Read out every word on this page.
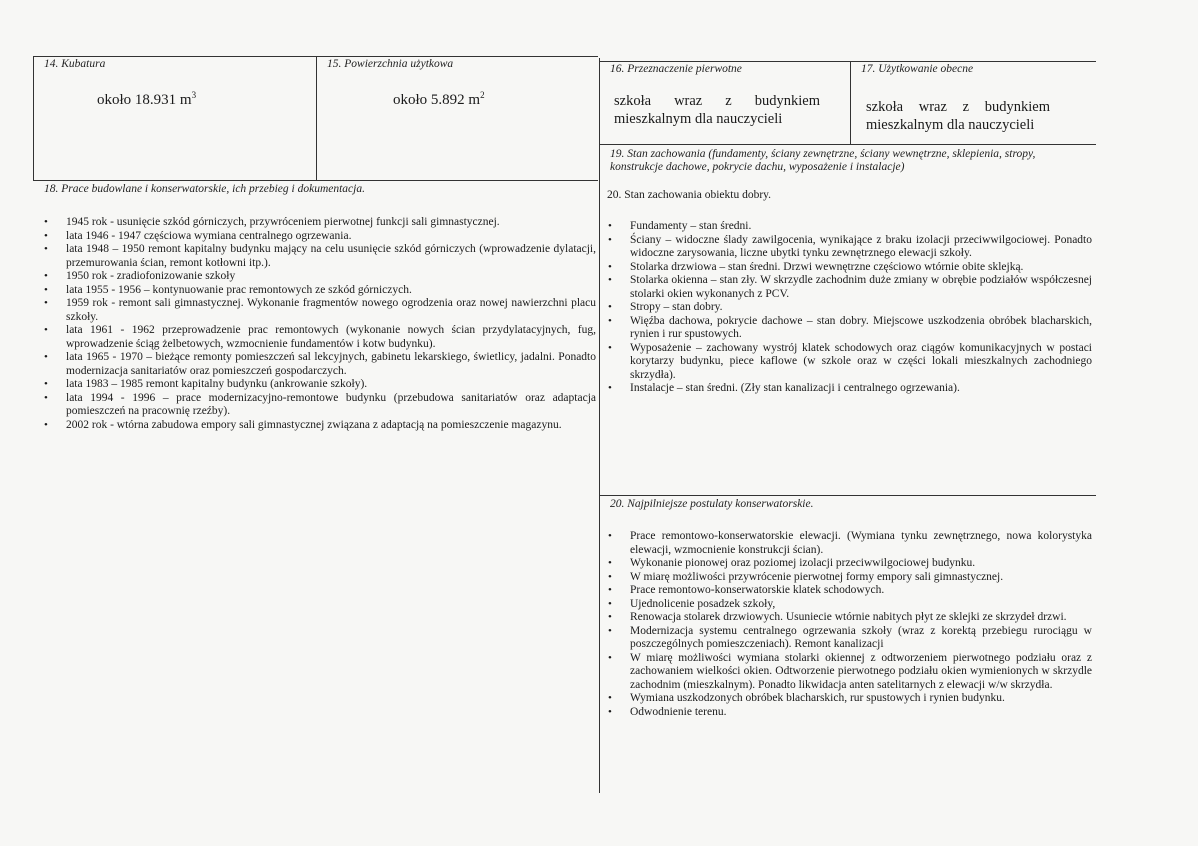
14. Kubatura
około 18.931 $m^3$
15. Powierzchnia użytkowa
około 5.892 $m^2$
16. Przeznaczenie pierwotne
szkoła wraz z budynkiem mieszkalnym dla nauczycieli
17. Użytkowanie obecne
szkoła wraz z budynkiem mieszkalnym dla nauczycieli
18. Prace budowlane i konserwatorskie, ich przebieg i dokumentacja.
• 1945 rok - usunięcie szkód górniczych, przywróceniem pierwotnej funkcji sali gimnastycznej.
• lata 1946 - 1947 częściowa wymiana centralnego ogrzewania.
• lata 1948 – 1950 remont kapitalny budynku mający na celu usunięcie szkód górniczych (wprowadzenie dylatacji, przemurowania ścian, remont kotłowni itp.).
• 1950 rok - zradiofonizowanie szkoły
• lata 1955 - 1956 – kontynuowanie prac remontowych ze szkód górniczych.
• 1959 rok - remont sali gimnastycznej. Wykonanie fragmentów nowego ogrodzenia oraz nowej nawierzchni placu szkoły.
• lata 1961 - 1962 przeprowadzenie prac remontowych (wykonanie nowych ścian przydylatacyjnych, fug, wprowadzenie ściąg żelbetowych, wzmocnienie fundamentów i kotw budynku).
• lata 1965 - 1970 – bieżące remonty pomieszczeń sal lekcyjnych, gabinetu lekarskiego, świetlicy, jadalni. Ponadto modernizacja sanitariatów oraz pomieszczeń gospodarczych.
• lata 1983 – 1985 remont kapitalny budynku (ankrowanie szkoły).
• lata 1994 - 1996 – prace modernizacyjno-remontowe budynku (przebudowa sanitariatów oraz adaptacja pomieszczeń na pracownię rzeźby).
• 2002 rok - wtórna zabudowa empory sali gimnastycznej związana z adaptacją na pomieszczenie magazynu.
19. Stan zachowania (fundamenty, ściany zewnętrzne, ściany wewnętrzne, sklepienia, stropy, konstrukcje dachowe, pokrycie dachu, wyposażenie i instalacje)
20. Stan zachowania obiektu dobry.
• Fundamenty – stan średni.
• Ściany – widoczne ślady zawilgocenia, wynikające z braku izolacji przeciwwilgociowej. Ponadto widoczne zarysowania, liczne ubytki tynku zewnętrznego elewacji szkoły.
• Stolarka drzwiowa – stan średni. Drzwi wewnętrzne częściowo wtórnie obite sklejką.
• Stolarka okienna – stan zły. W skrzydle zachodnim duże zmiany w obrębie podziałów współczesnej stolarki okien wykonanych z PCV.
• Stropy – stan dobry.
• Więźba dachowa, pokrycie dachowe – stan dobry. Miejscowe uszkodzenia obróbek blacharskich, rynien i rur spustowych.
• Wyposażenie – zachowany wystrój klatek schodowych oraz ciągów komunikacyjnych w postaci korytarzy budynku, piece kaflowe (w szkole oraz w części lokali mieszkalnych zachodniego skrzydła).
• Instalacje – stan średni. (Zły stan kanalizacji i centralnego ogrzewania).
20. Najpilniejsze postulaty konserwatorskie.
• Prace remontowo-konserwatorskie elewacji. (Wymiana tynku zewnętrznego, nowa kolorystyka elewacji, wzmocnienie konstrukcji ścian).
• Wykonanie pionowej oraz poziomej izolacji przeciwwilgociowej budynku.
• W miarę możliwości przywrócenie pierwotnej formy empory sali gimnastycznej.
• Prace remontowo-konserwatorskie klatek schodowych.
• Ujednolicenie posadzek szkoły,
• Renowacja stolarek drzwiowych. Usuniecie wtórnie nabitych płyt ze sklejki ze skrzydeł drzwi.
• Modernizacja systemu centralnego ogrzewania szkoły (wraz z korektą przebiegu rurociągu w poszczególnych pomieszczeniach). Remont kanalizacji
• W miarę możliwości wymiana stolarki okiennej z odtworzeniem pierwotnego podziału oraz z zachowaniem wielkości okien. Odtworzenie pierwotnego podziału okien wymienionych w skrzydle zachodnim (mieszkalnym). Ponadto likwidacja anten satelitarnych z elewacji w/w skrzydła.
• Wymiana uszkodzonych obróbek blacharskich, rur spustowych i rynien budynku.
• Odwodnienie terenu.
